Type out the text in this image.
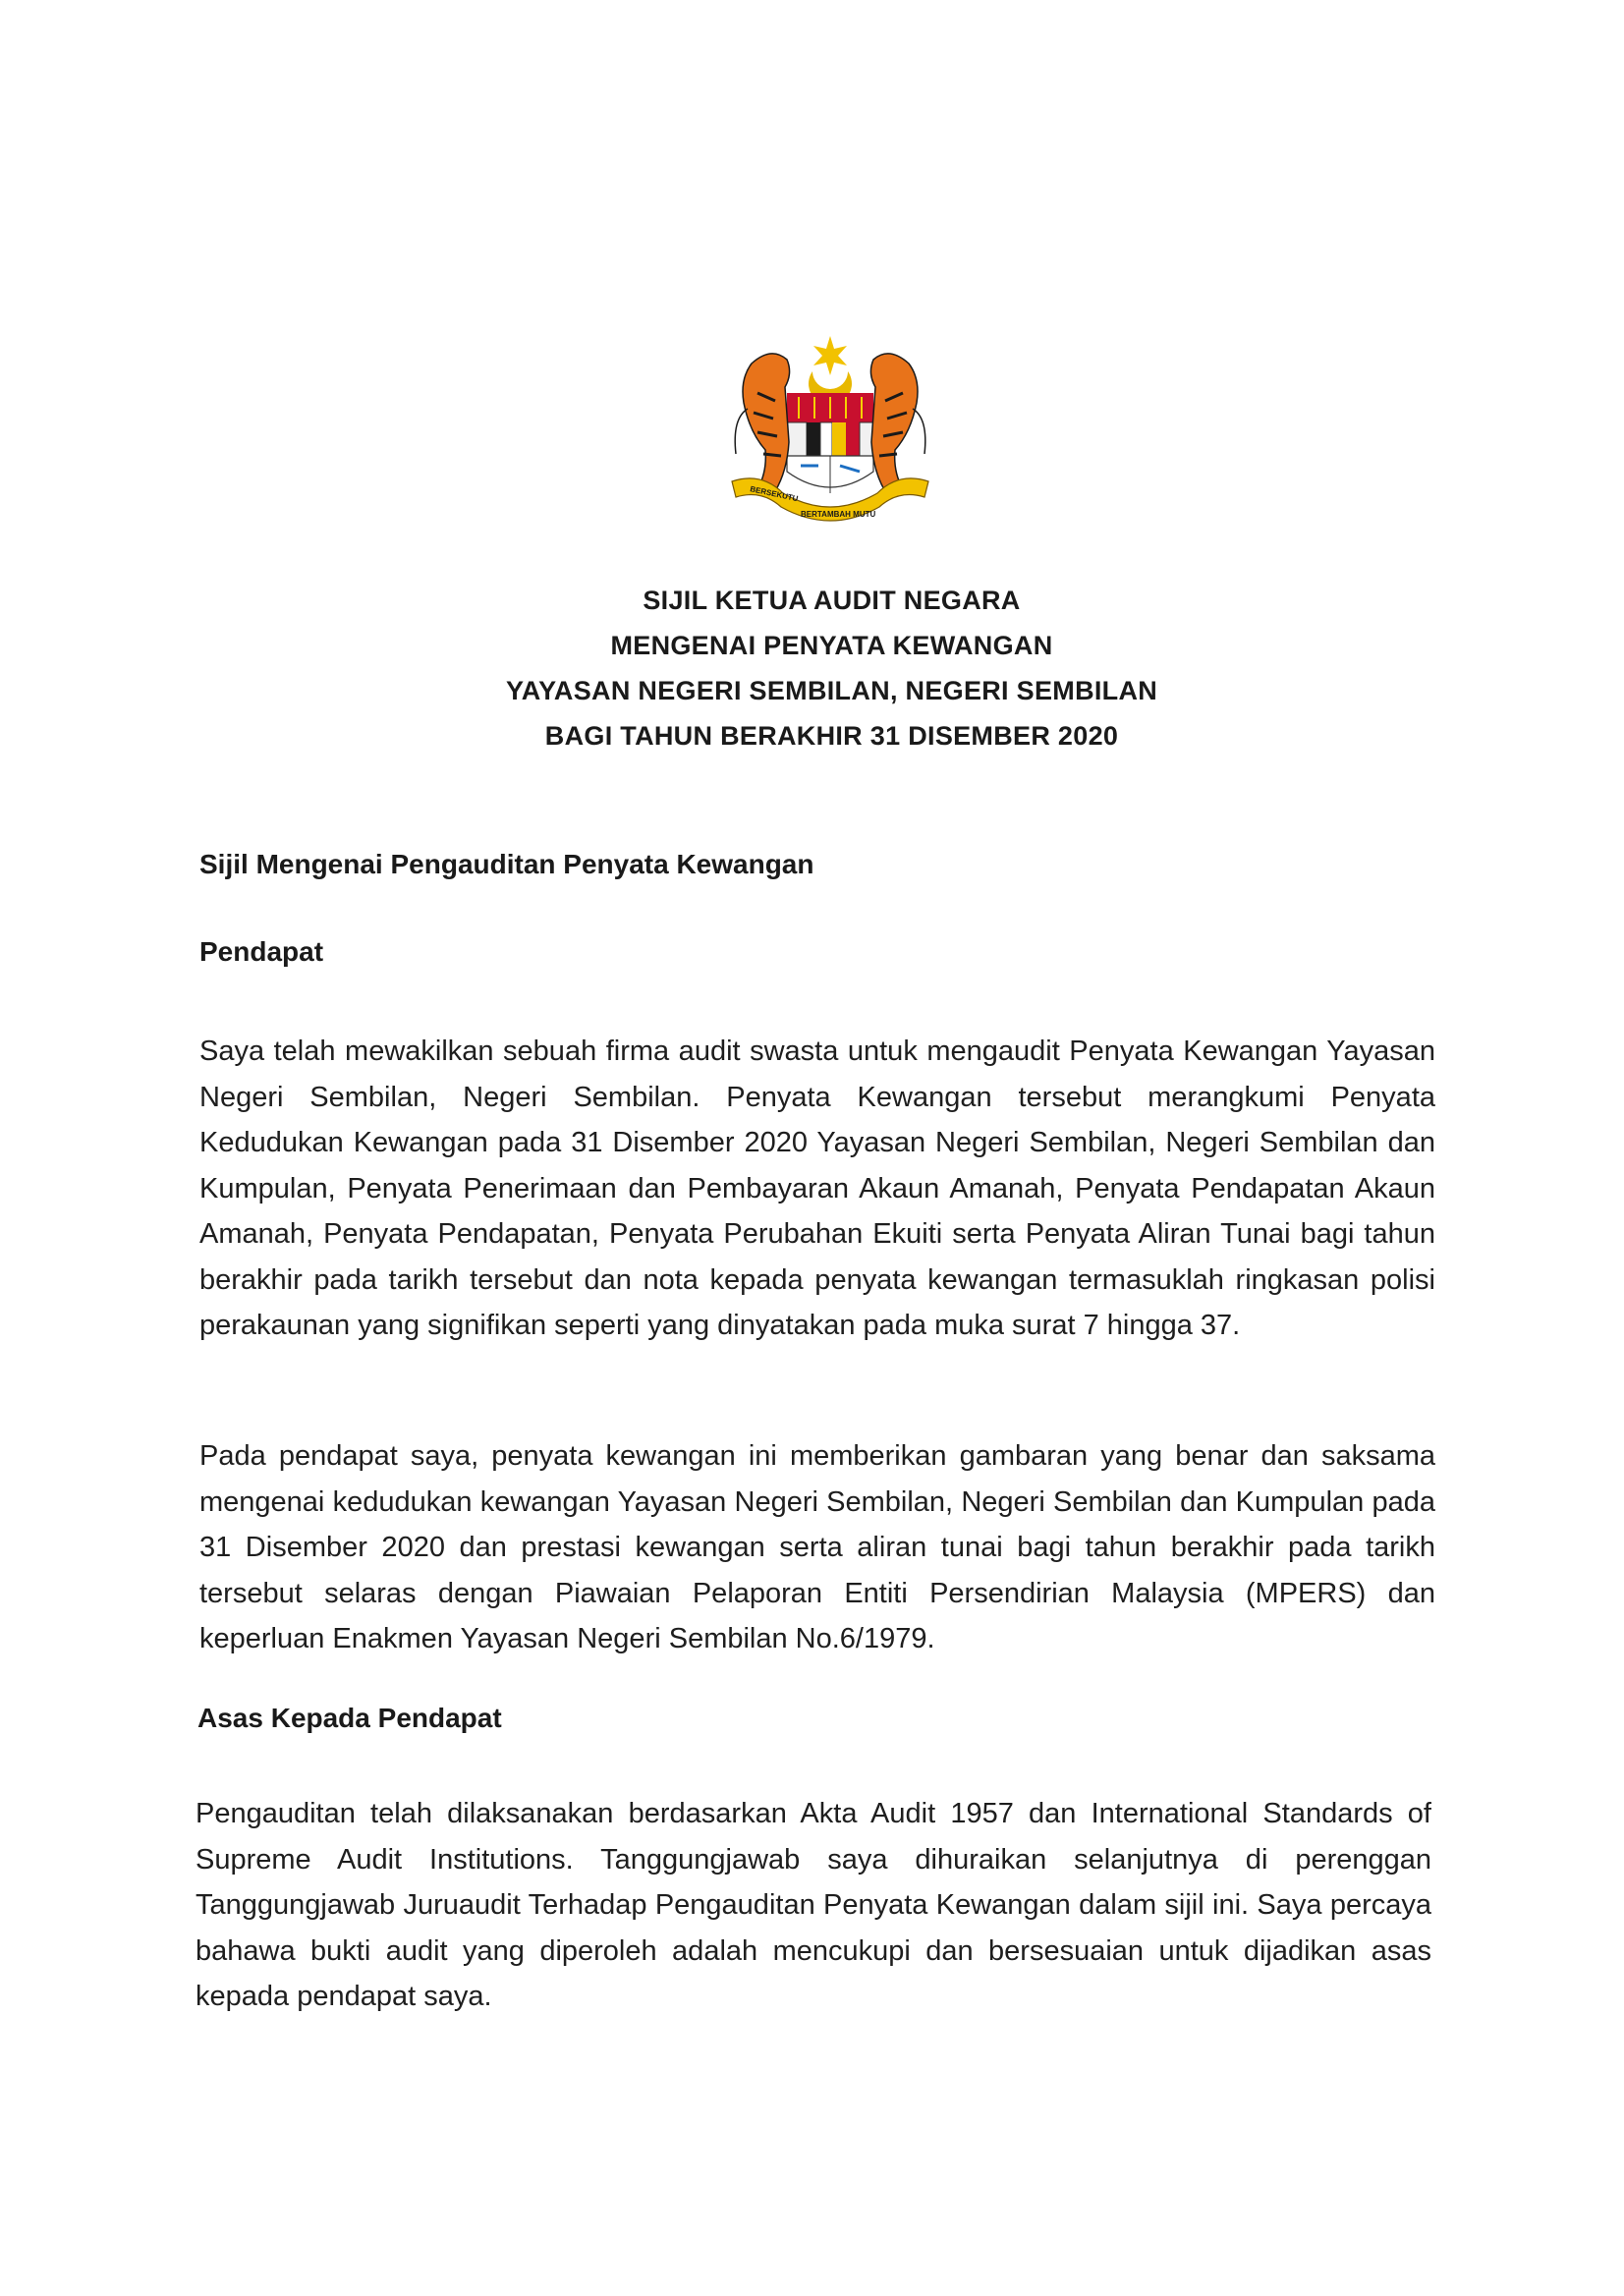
BERSEKUTU
BERTAMBAH MUTU
SIJIL KETUA AUDIT NEGARA
MENGENAI PENYATA KEWANGAN
YAYASAN NEGERI SEMBILAN, NEGERI SEMBILAN
BAGI TAHUN BERAKHIR 31 DISEMBER 2020
Sijil Mengenai Pengauditan Penyata Kewangan
Pendapat

Saya telah mewakilkan sebuah firma audit swasta untuk mengaudit Penyata Kewangan Yayasan Negeri Sembilan, Negeri Sembilan. Penyata Kewangan tersebut merangkumi Penyata Kedudukan Kewangan pada 31 Disember 2020 Yayasan Negeri Sembilan, Negeri Sembilan dan Kumpulan, Penyata Penerimaan dan Pembayaran Akaun Amanah, Penyata Pendapatan Akaun Amanah, Penyata Pendapatan, Penyata Perubahan Ekuiti serta Penyata Aliran Tunai bagi tahun berakhir pada tarikh tersebut dan nota kepada penyata kewangan termasuklah ringkasan polisi perakaunan yang signifikan seperti yang dinyatakan pada muka surat 7 hingga 37.

Pada pendapat saya, penyata kewangan ini memberikan gambaran yang benar dan saksama mengenai kedudukan kewangan Yayasan Negeri Sembilan, Negeri Sembilan dan Kumpulan pada 31 Disember 2020 dan prestasi kewangan serta aliran tunai bagi tahun berakhir pada tarikh tersebut selaras dengan Piawaian Pelaporan Entiti Persendirian Malaysia (MPERS) dan keperluan Enakmen Yayasan Negeri Sembilan No.6/1979.

Asas Kepada Pendapat

Pengauditan telah dilaksanakan berdasarkan Akta Audit 1957 dan International Standards of Supreme Audit Institutions. Tanggungjawab saya dihuraikan selanjutnya di perenggan Tanggungjawab Juruaudit Terhadap Pengauditan Penyata Kewangan dalam sijil ini. Saya percaya bahawa bukti audit yang diperoleh adalah mencukupi dan bersesuaian untuk dijadikan asas kepada pendapat saya.
